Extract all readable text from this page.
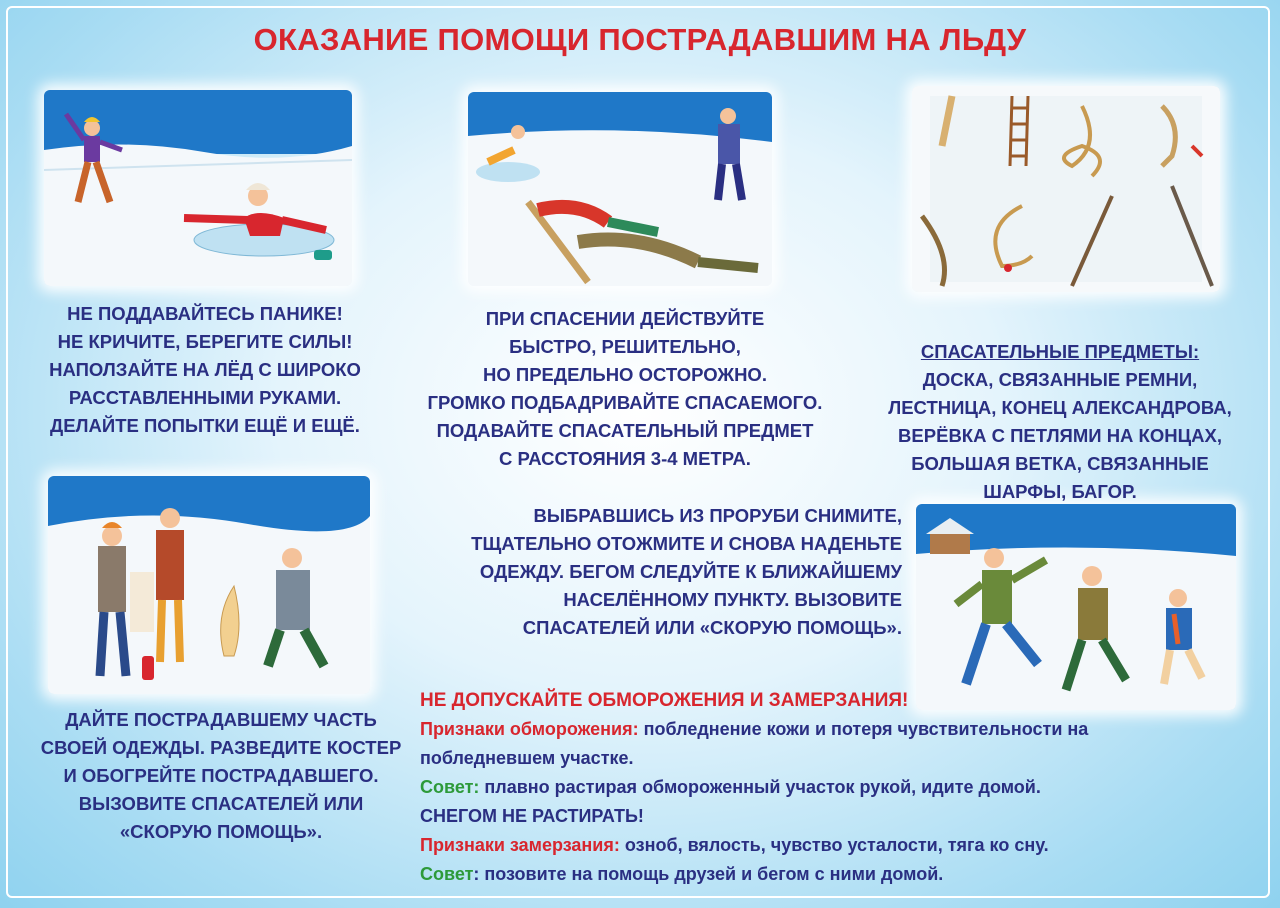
ОКАЗАНИЕ ПОМОЩИ ПОСТРАДАВШИМ НА ЛЬДУ

НЕ ПОДДАВАЙТЕСЬ ПАНИКЕ!
НЕ КРИЧИТЕ, БЕРЕГИТЕ СИЛЫ!
НАПОЛЗАЙТЕ НА ЛЁД С ШИРОКО
РАССТАВЛЕННЫМИ РУКАМИ.
ДЕЛАЙТЕ ПОПЫТКИ ЕЩЁ И ЕЩЁ.

ПРИ СПАСЕНИИ ДЕЙСТВУЙТЕ
БЫСТРО, РЕШИТЕЛЬНО,
НО ПРЕДЕЛЬНО ОСТОРОЖНО.
ГРОМКО ПОДБАДРИВАЙТЕ СПАСАЕМОГО.
ПОДАВАЙТЕ СПАСАТЕЛЬНЫЙ ПРЕДМЕТ
С РАССТОЯНИЯ 3-4 МЕТРА.

СПАСАТЕЛЬНЫЕ ПРЕДМЕТЫ:

ДОСКА, СВЯЗАННЫЕ РЕМНИ,
ЛЕСТНИЦА, КОНЕЦ АЛЕКСАНДРОВА,
ВЕРЁВКА С ПЕТЛЯМИ НА КОНЦАХ,
БОЛЬШАЯ ВЕТКА, СВЯЗАННЫЕ
ШАРФЫ, БАГОР.

ВЫБРАВШИСЬ ИЗ ПРОРУБИ СНИМИТЕ,
ТЩАТЕЛЬНО ОТОЖМИТЕ И СНОВА НАДЕНЬТЕ
ОДЕЖДУ. БЕГОМ СЛЕДУЙТЕ К БЛИЖАЙШЕМУ
НАСЕЛЁННОМУ ПУНКТУ. ВЫЗОВИТЕ
СПАСАТЕЛЕЙ ИЛИ «СКОРУЮ ПОМОЩЬ».

ДАЙТЕ ПОСТРАДАВШЕМУ ЧАСТЬ
СВОЕЙ ОДЕЖДЫ. РАЗВЕДИТЕ КОСТЕР
И ОБОГРЕЙТЕ ПОСТРАДАВШЕГО.
ВЫЗОВИТЕ СПАСАТЕЛЕЙ ИЛИ
«СКОРУЮ ПОМОЩЬ».

НЕ ДОПУСКАЙТЕ ОБМОРОЖЕНИЯ И ЗАМЕРЗАНИЯ!

Признаки обморожения: побледнение кожи и потеря чувствительности на

побледневшем участке.

Совет: плавно растирая обмороженный участок рукой, идите домой.

СНЕГОМ НЕ РАСТИРАТЬ!

Признаки замерзания: озноб, вялость, чувство усталости, тяга ко сну.

Совет: позовите на помощь друзей и бегом с ними домой.
